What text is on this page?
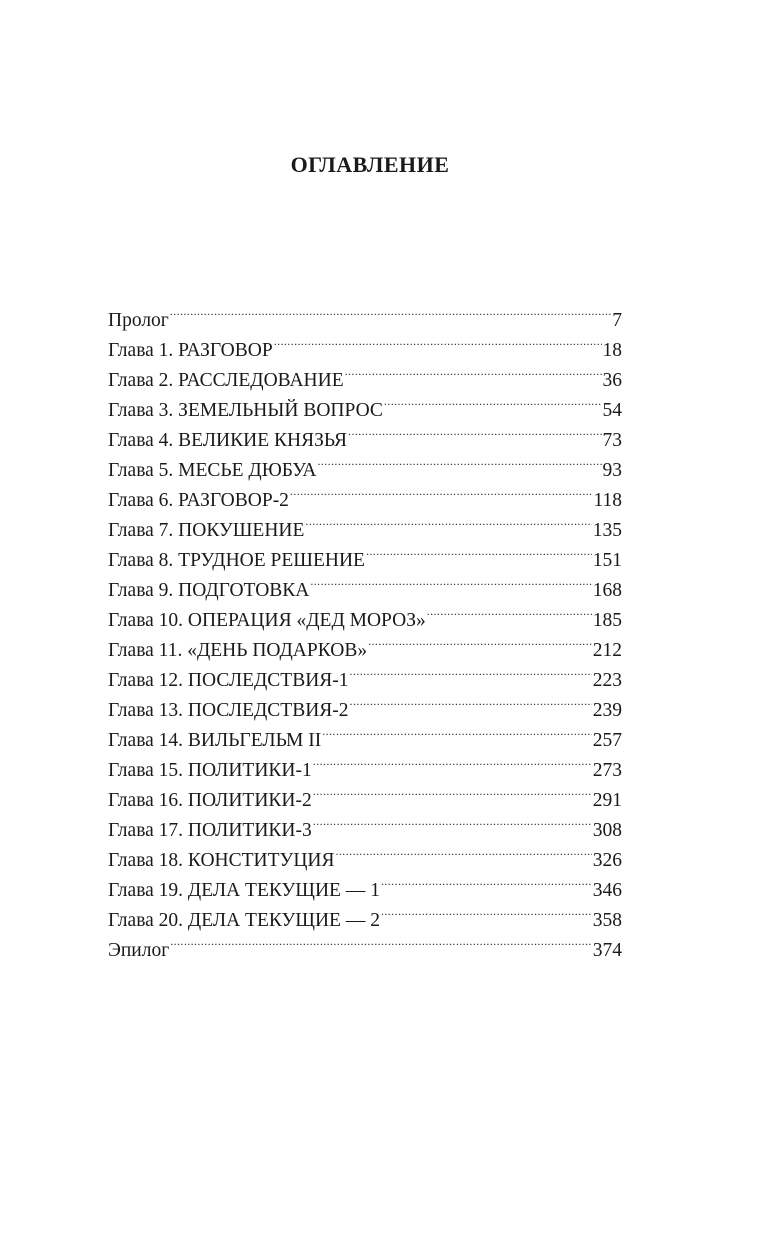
ОГЛАВЛЕНИЕ
Пролог .....	7
Глава 1. РАЗГОВОР .....	18
Глава 2. РАССЛЕДОВАНИЕ .....	36
Глава 3. ЗЕМЕЛЬНЫЙ ВОПРОС .....	54
Глава 4. ВЕЛИКИЕ КНЯЗЬЯ .....	73
Глава 5. МЕСЬЕ ДЮБУА .....	93
Глава 6. РАЗГОВОР-2 .....	118
Глава 7. ПОКУШЕНИЕ .....	135
Глава 8. ТРУДНОЕ РЕШЕНИЕ .....	151
Глава 9. ПОДГОТОВКА .....	168
Глава 10. ОПЕРАЦИЯ «ДЕД МОРОЗ» .....	185
Глава 11. «ДЕНЬ ПОДАРКОВ» .....	212
Глава 12. ПОСЛЕДСТВИЯ-1 .....	223
Глава 13. ПОСЛЕДСТВИЯ-2 .....	239
Глава 14. ВИЛЬГЕЛЬМ II .....	257
Глава 15. ПОЛИТИКИ-1 .....	273
Глава 16. ПОЛИТИКИ-2 .....	291
Глава 17. ПОЛИТИКИ-3 .....	308
Глава 18. КОНСТИТУЦИЯ .....	326
Глава 19. ДЕЛА ТЕКУЩИЕ — 1 .....	346
Глава 20. ДЕЛА ТЕКУЩИЕ — 2 .....	358
Эпилог .....	374
